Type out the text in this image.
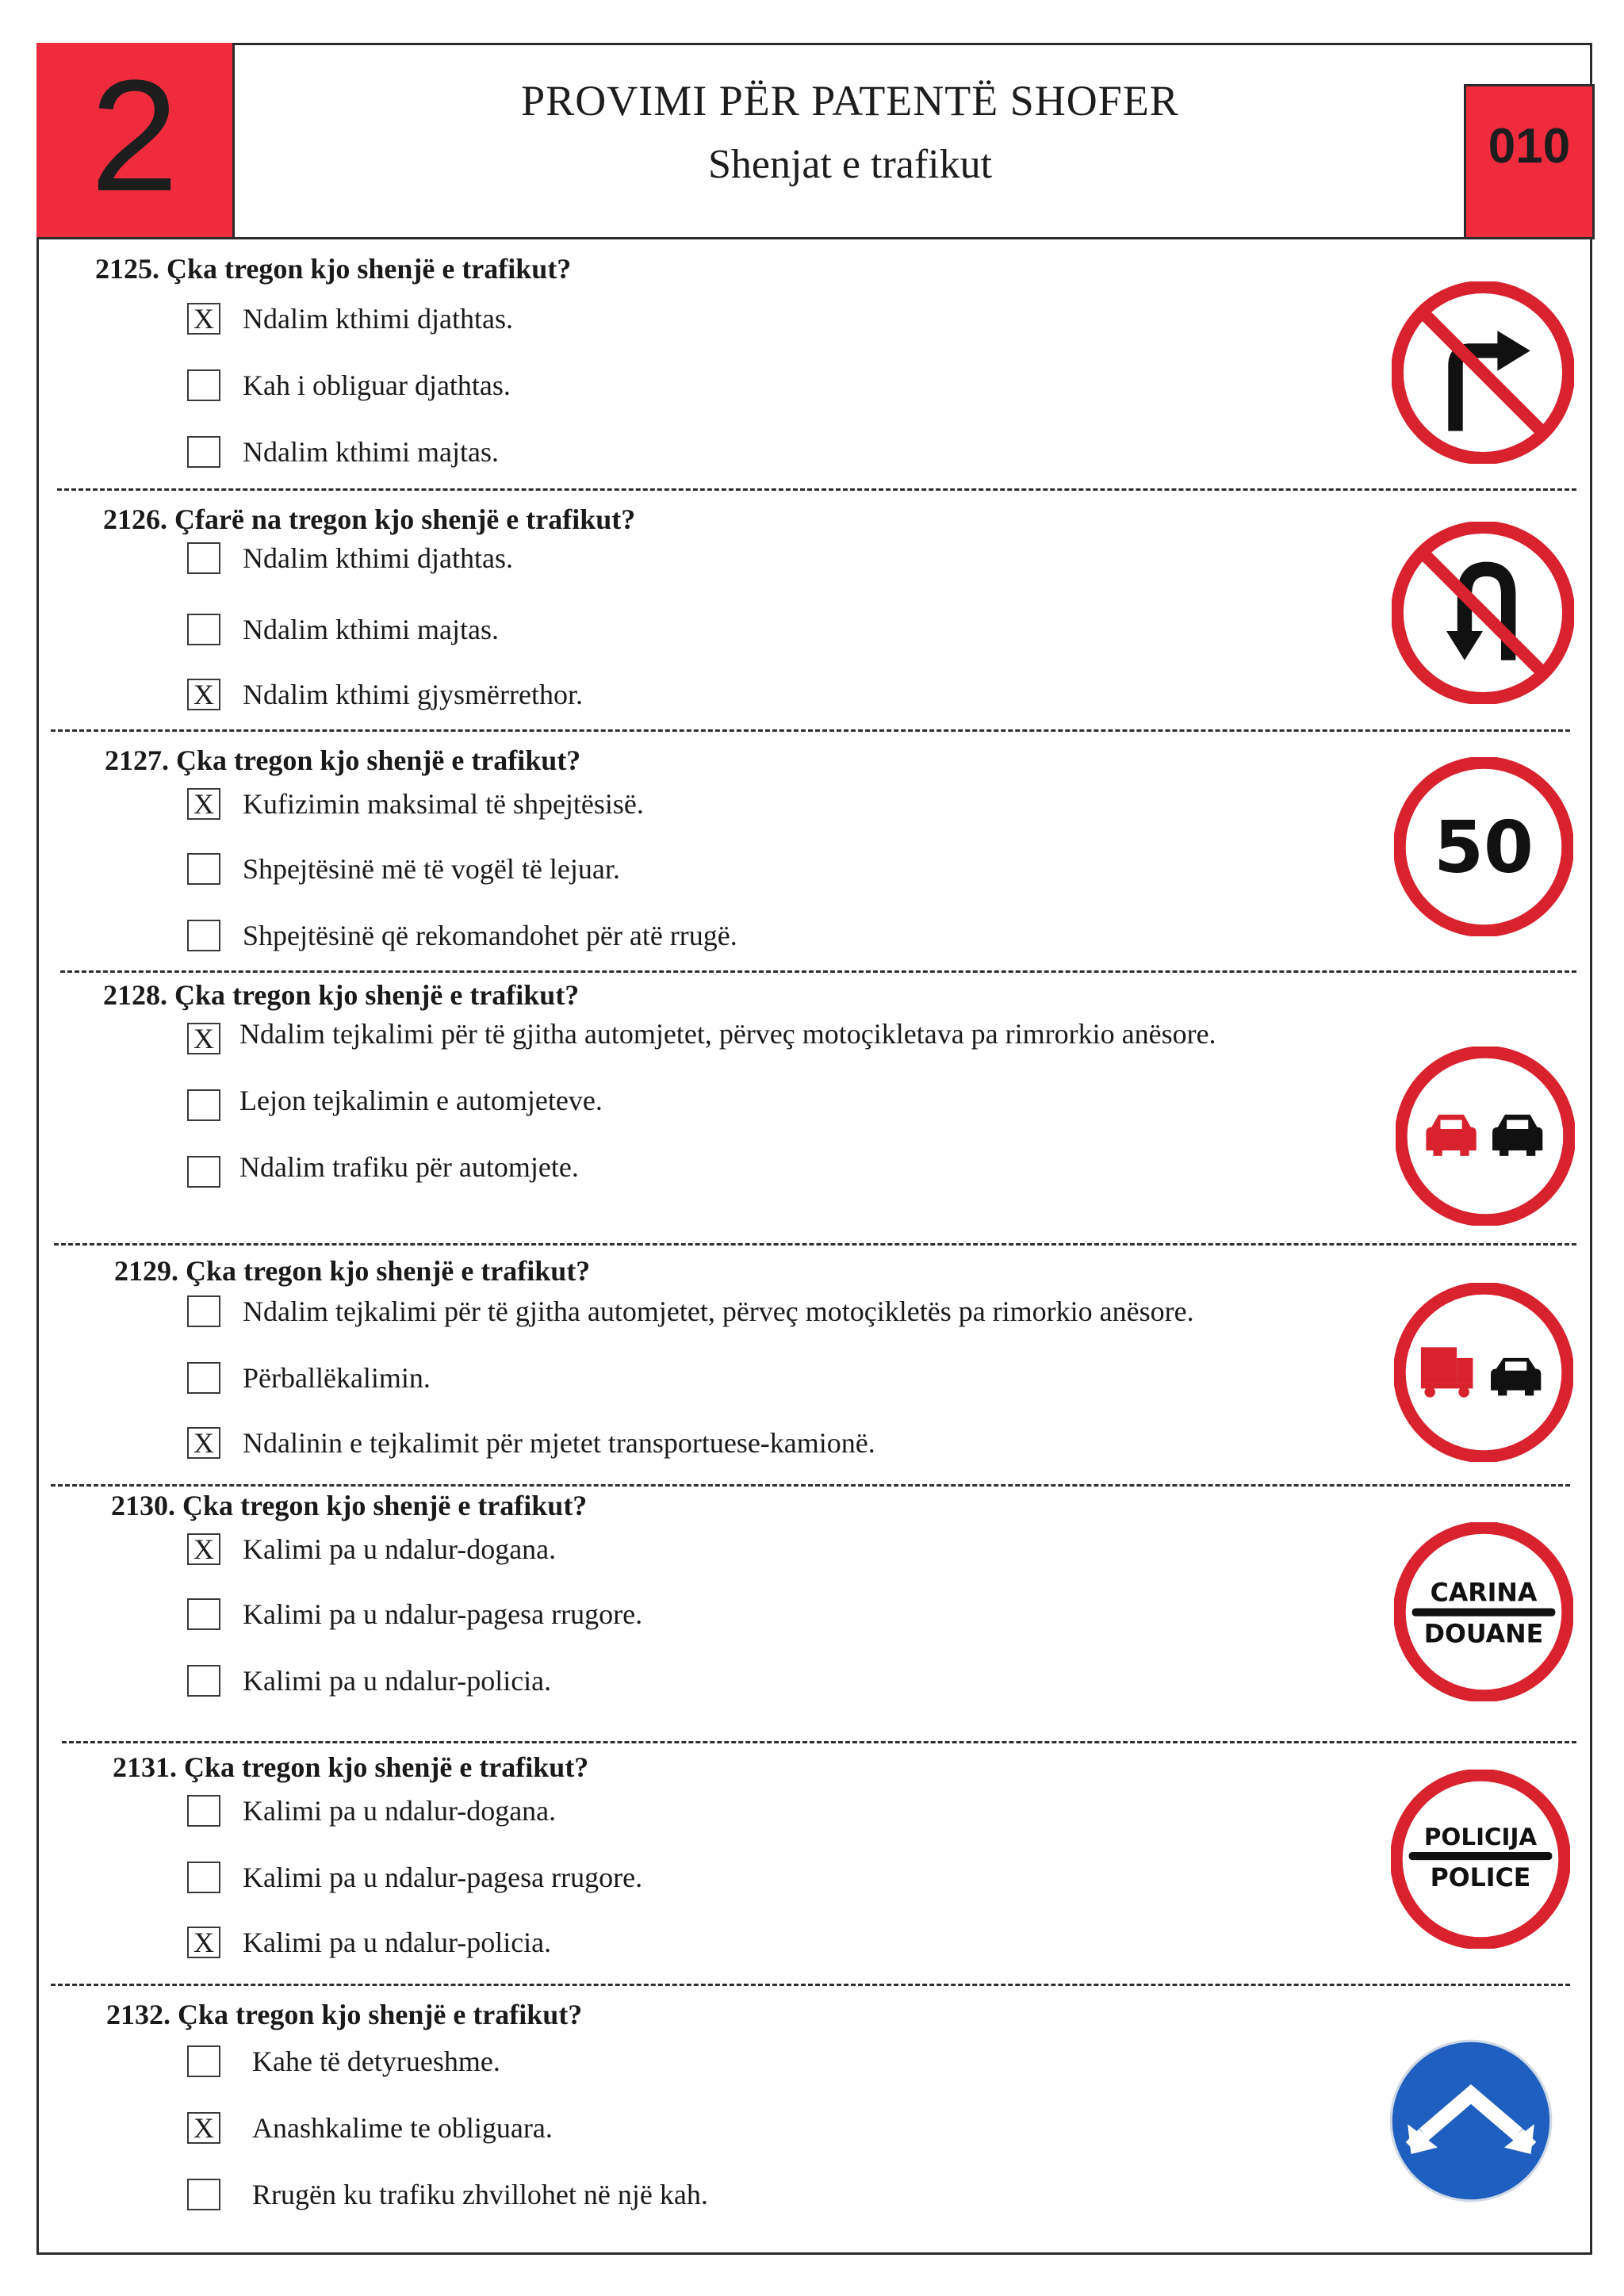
2	PROVIMI PËR PATENTË SHOFER
Shenjat e trafikut	010
2125. Çka tregon kjo shenjë e trafikut?
X Ndalim kthimi djathtas.
Kah i obliguar djathtas.
Ndalim kthimi majtas.
2126. Çfarë na tregon kjo shenjë e trafikut?
Ndalim kthimi djathtas.
Ndalim kthimi majtas.
X Ndalim kthimi gjysmërrethor.
2127. Çka tregon kjo shenjë e trafikut?
X Kufizimin maksimal të shpejtësisë.
Shpejtësinë më të vogël të lejuar.
Shpejtësinë që rekomandohet për atë rrugë.
50
2128. Çka tregon kjo shenjë e trafikut?
X Ndalim tejkalimi për të gjitha automjetet, përveç motoçikletava pa rimrorkio anësore.
Lejon tejkalimin e automjeteve.
Ndalim trafiku për automjete.
2129. Çka tregon kjo shenjë e trafikut?
Ndalim tejkalimi për të gjitha automjetet, përveç motoçikletës pa rimorkio anësore.
Përballëkalimin.
X Ndalinin e tejkalimit për mjetet transportuese-kamionë.
2130. Çka tregon kjo shenjë e trafikut?
X Kalimi pa u ndalur-dogana.
Kalimi pa u ndalur-pagesa rrugore.
Kalimi pa u ndalur-policia.
CARINA
DOUANE
2131. Çka tregon kjo shenjë e trafikut?
Kalimi pa u ndalur-dogana.
Kalimi pa u ndalur-pagesa rrugore.
X Kalimi pa u ndalur-policia.
POLICIJA
POLICE
2132. Çka tregon kjo shenjë e trafikut?
Kahe të detyrueshme.
X Anashkalime te obliguara.
Rrugën ku trafiku zhvillohet në një kah.
